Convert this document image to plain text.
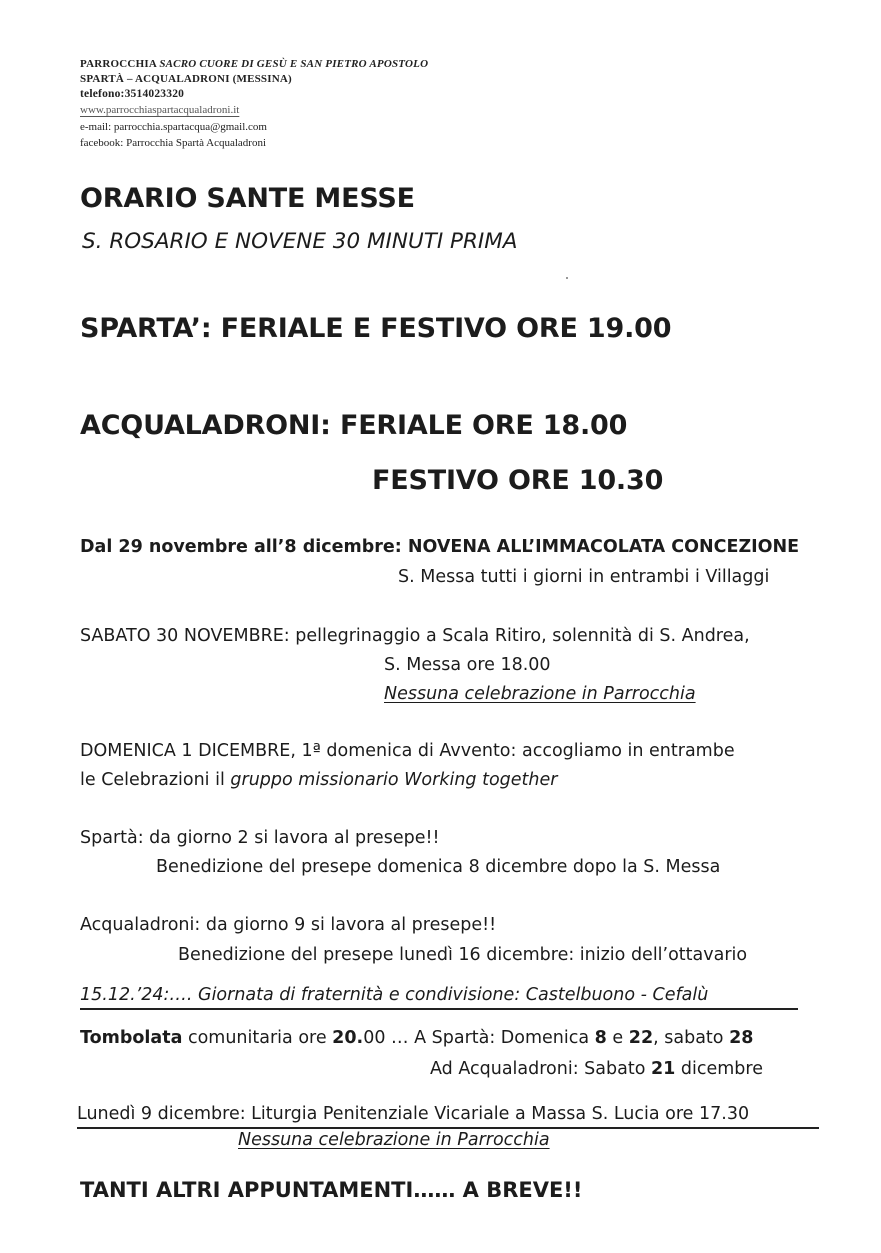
PARROCCHIA SACRO CUORE DI GESÙ E SAN PIETRO APOSTOLO
SPARTÀ – ACQUALADRONI (MESSINA)
telefono:3514023320
www.parrocchiaspartacqualadroni.it
e-mail: parrocchia.spartacqua@gmail.com
facebook: Parrocchia Spartà Acqualadroni
ORARIO SANTE MESSE
S. ROSARIO E NOVENE 30 MINUTI PRIMA
SPARTA’: FERIALE E FESTIVO ORE 19.00
ACQUALADRONI: FERIALE ORE 18.00
FESTIVO ORE 10.30
Dal 29 novembre all’8 dicembre: NOVENA ALL’IMMACOLATA CONCEZIONE
S. Messa tutti i giorni in entrambi i Villaggi
SABATO 30 NOVEMBRE: pellegrinaggio a Scala Ritiro, solennità di S. Andrea,
S. Messa ore 18.00
Nessuna celebrazione in Parrocchia
DOMENICA 1 DICEMBRE, 1ª domenica di Avvento: accogliamo in entrambe
le Celebrazioni il gruppo missionario Working together
Spartà: da giorno 2 si lavora al presepe!!
Benedizione del presepe domenica 8 dicembre dopo la S. Messa
Acqualadroni: da giorno 9 si lavora al presepe!!
Benedizione del presepe lunedì 16 dicembre: inizio dell’ottavario
15.12.’24:…. Giornata di fraternità e condivisione: Castelbuono - Cefalù
Tombolata comunitaria ore 20.00 … A Spartà: Domenica 8 e 22, sabato 28
Ad Acqualadroni: Sabato 21 dicembre
Lunedì 9 dicembre: Liturgia Penitenziale Vicariale a Massa S. Lucia ore 17.30
Nessuna celebrazione in Parrocchia
TANTI ALTRI APPUNTAMENTI…… A BREVE!!
